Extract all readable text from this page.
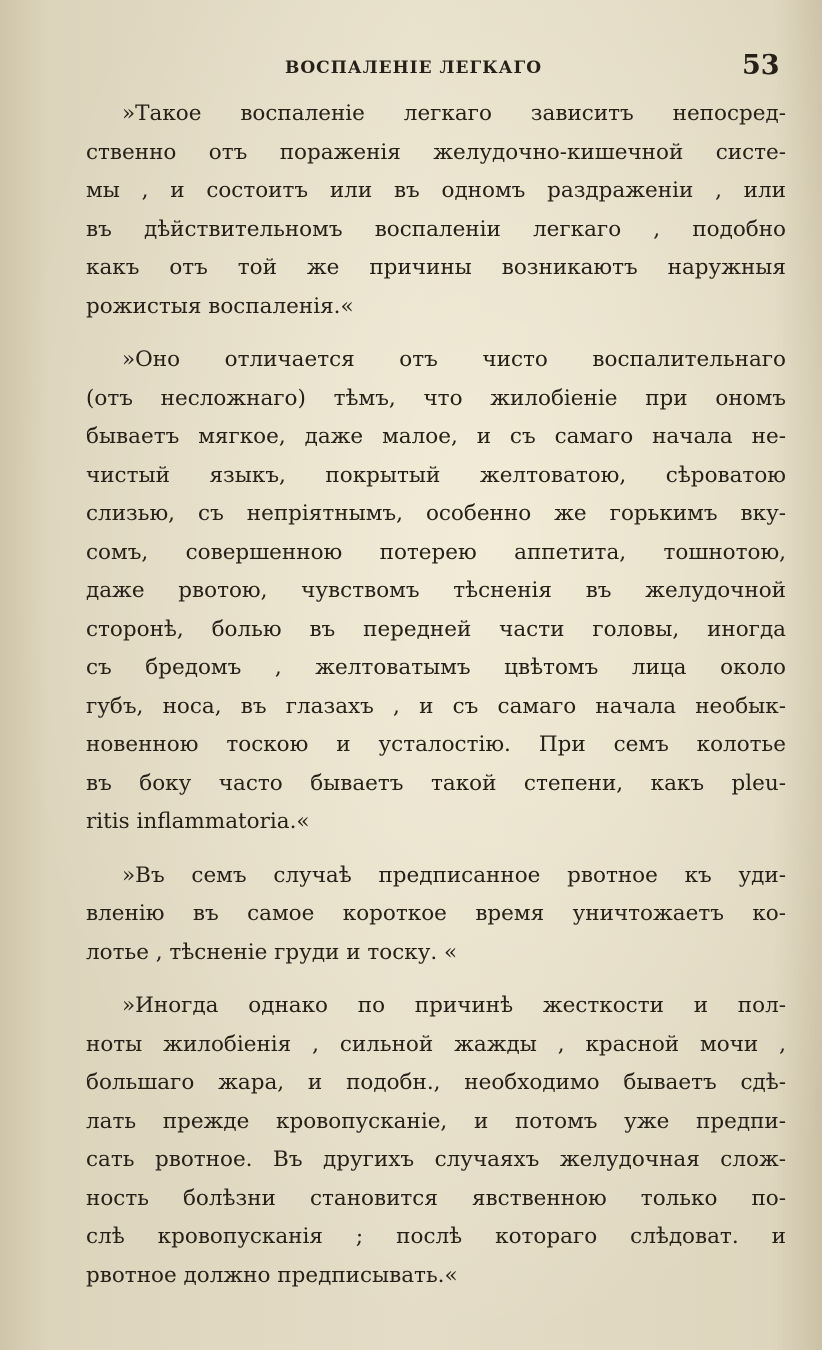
ВОСПАЛЕНІЕ ЛЕГКАГО	53
»Такое воспаленіе легкаго зависитъ непосред-
ственно отъ пораженія желудочно-кишечной систе-
мы , и состоитъ или въ одномъ раздраженіи , или
въ дѣйствительномъ воспаленіи легкаго , подобно
какъ отъ той же причины возникаютъ наружныя
рожистыя воспаленія.«
»Оно отличается отъ чисто воспалительнаго
(отъ несложнаго) тѣмъ, что жилобіеніе при ономъ
бываетъ мягкое, даже малое, и съ самаго начала не-
чистый языкъ, покрытый желтоватою, сѣроватою
слизью, съ непріятнымъ, особенно же горькимъ вку-
сомъ, совершенною потерею аппетита, тошнотою,
даже рвотою, чувствомъ тѣсненія въ желудочной
сторонѣ, болью въ передней части головы, иногда
съ бредомъ , желтоватымъ цвѣтомъ лица около
губъ, носа, въ глазахъ , и съ самаго начала необык-
новенною тоскою и усталостію. При семъ колотье
въ боку часто бываетъ такой степени, какъ pleu-
ritis inflammatoria.«
»Въ семъ случаѣ предписанное рвотное къ уди-
вленію въ самое короткое время уничтожаетъ ко-
лотье , тѣсненіе груди и тоску. «
»Иногда однако по причинѣ жесткости и пол-
ноты жилобіенія , сильной жажды , красной мочи ,
большаго жара, и подобн., необходимо бываетъ сдѣ-
лать прежде кровопусканіе, и потомъ уже предпи-
сать рвотное. Въ другихъ случаяхъ желудочная слож-
ность болѣзни становится явственною только по-
слѣ кровопусканія ; послѣ котораго слѣдоват. и
рвотное должно предписывать.«
